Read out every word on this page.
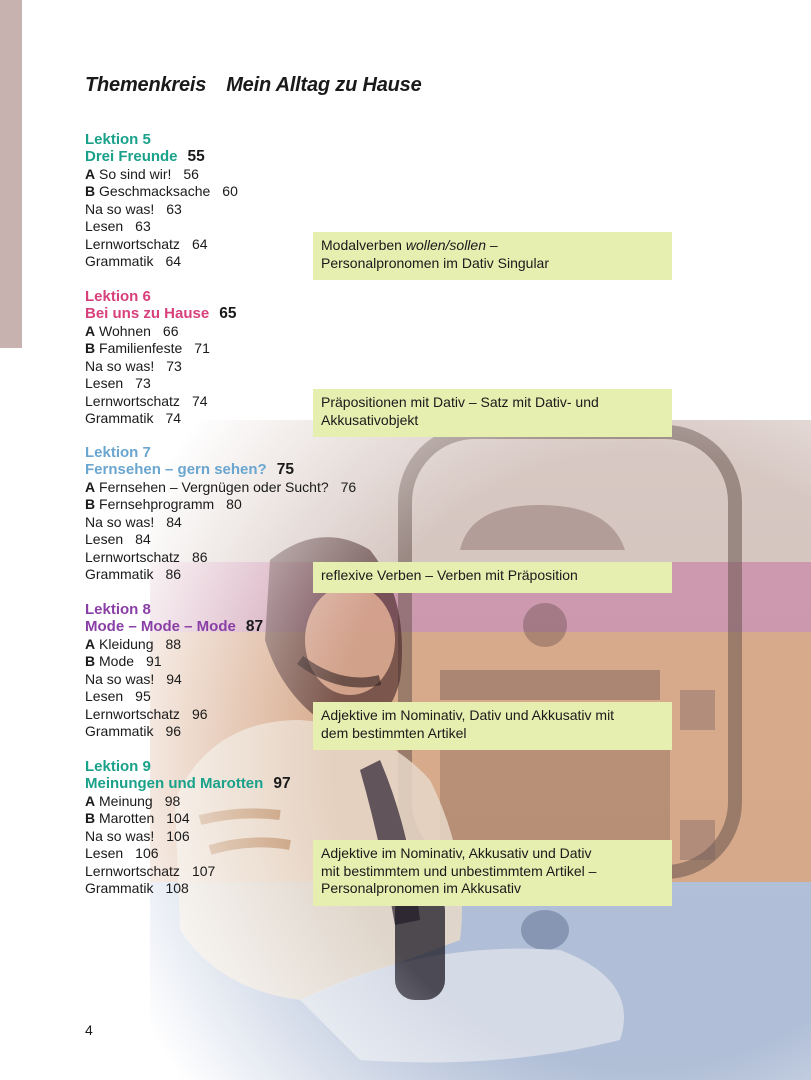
Themenkreis Mein Alltag zu Hause
Lektion 5
Drei Freunde 55
A So sind wir! 56
B Geschmacksache 60
Na so was! 63
Lesen 63
Lernwortschatz 64
Grammatik 64
Modalverben wollen/sollen –
Personalpronomen im Dativ Singular
Lektion 6
Bei uns zu Hause 65
A Wohnen 66
B Familienfeste 71
Na so was! 73
Lesen 73
Lernwortschatz 74
Grammatik 74
Präpositionen mit Dativ – Satz mit Dativ- und
Akkusativobjekt
Lektion 7
Fernsehen – gern sehen? 75
A Fernsehen – Vergnügen oder Sucht? 76
B Fernsehprogramm 80
Na so was! 84
Lesen 84
Lernwortschatz 86
Grammatik 86	reflexive Verben – Verben mit Präposition
Lektion 8
Mode – Mode – Mode 87
A Kleidung 88
B Mode 91
Na so was! 94
Lesen 95
Lernwortschatz 96
Grammatik 96
Adjektive im Nominativ, Dativ und Akkusativ mit
dem bestimmten Artikel
Lektion 9
Meinungen und Marotten 97
A Meinung 98
B Marotten 104
Na so was! 106
Lesen 106
Lernwortschatz 107
Grammatik 108
Adjektive im Nominativ, Akkusativ und Dativ
mit bestimmtem und unbestimmtem Artikel –
Personalpronomen im Akkusativ
4
